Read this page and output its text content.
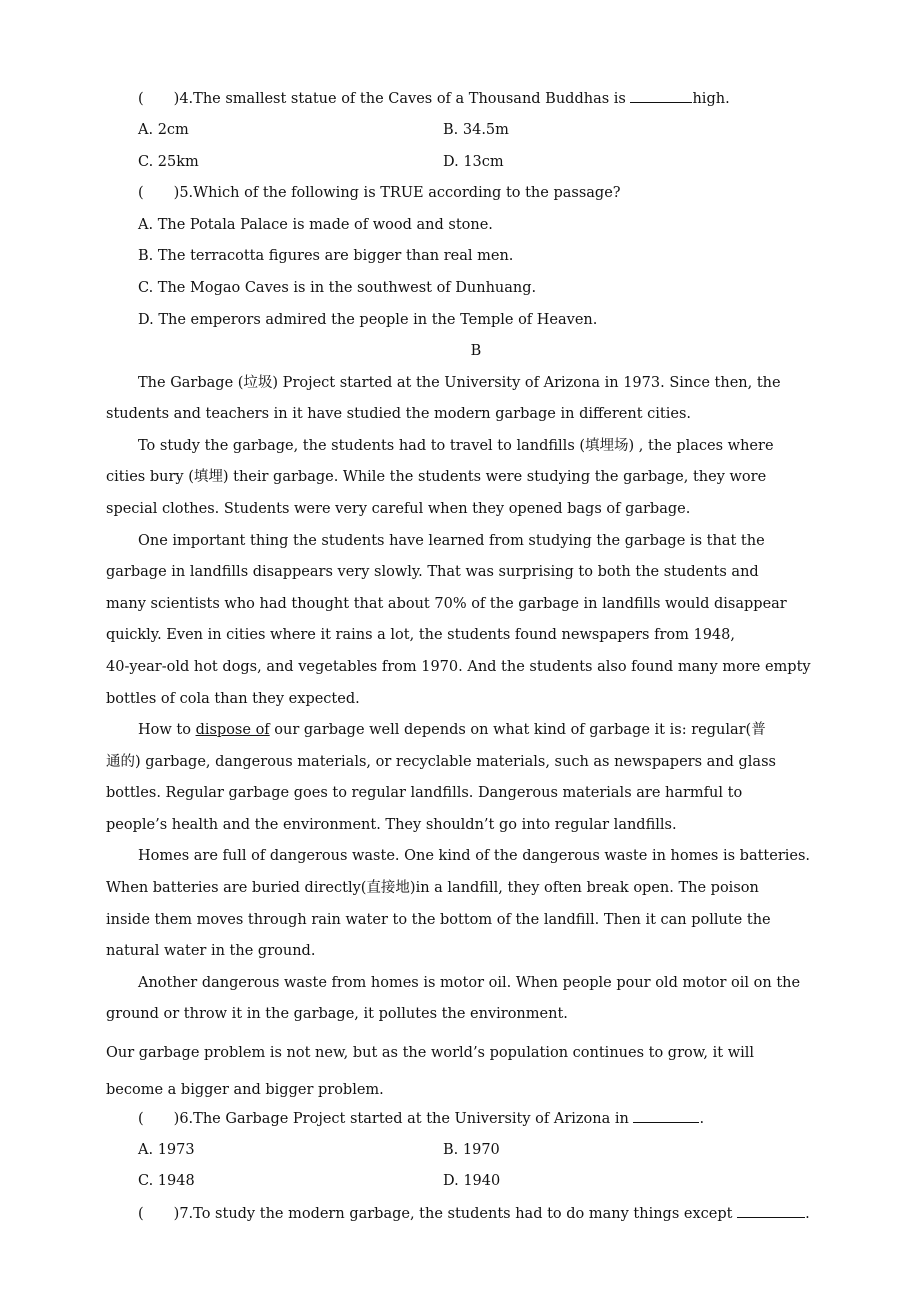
( )4.The smallest statue of the Caves of a Thousand Buddhas is	high.
A. 2cm	B. 34.5m
C. 25km	D. 13cm
( )5.Which of the following is TRUE according to the passage?
A. The Potala Palace is made of wood and stone.
B. The terracotta figures are bigger than real men.
C. The Mogao Caves is in the southwest of Dunhuang.
D. The emperors admired the people in the Temple of Heaven.
B
The Garbage (垃圾) Project started at the University of Arizona in 1973. Since then, the
students and teachers in it have studied the modern garbage in different cities.
To study the garbage, the students had to travel to landfills (填埋场) , the places where
cities bury (填埋) their garbage. While the students were studying the garbage, they wore
special clothes. Students were very careful when they opened bags of garbage.
One important thing the students have learned from studying the garbage is that the
garbage in landfills disappears very slowly. That was surprising to both the students and
many scientists who had thought that about 70% of the garbage in landfills would disappear
quickly. Even in cities where it rains a lot, the students found newspapers from 1948,
40-year-old hot dogs, and vegetables from 1970. And the students also found many more empty
bottles of cola than they expected.
How to dispose of our garbage well depends on what kind of garbage it is: regular(普
通的) garbage, dangerous materials, or recyclable materials, such as newspapers and glass
bottles. Regular garbage goes to regular landfills. Dangerous materials are harmful to
people’s health and the environment. They shouldn’t go into regular landfills.
Homes are full of dangerous waste. One kind of the dangerous waste in homes is batteries.
When batteries are buried directly(直接地)in a landfill, they often break open. The poison
inside them moves through rain water to the bottom of the landfill. Then it can pollute the
natural water in the ground.
Another dangerous waste from homes is motor oil. When people pour old motor oil on the
ground or throw it in the garbage, it pollutes the environment.
Our garbage problem is not new, but as the world’s population continues to grow, it will
become a bigger and bigger problem.
( )6.The Garbage Project started at the University of Arizona in	.
A. 1973	B. 1970
C. 1948	D. 1940
( )7.To study the modern garbage, the students had to do many things except	.
